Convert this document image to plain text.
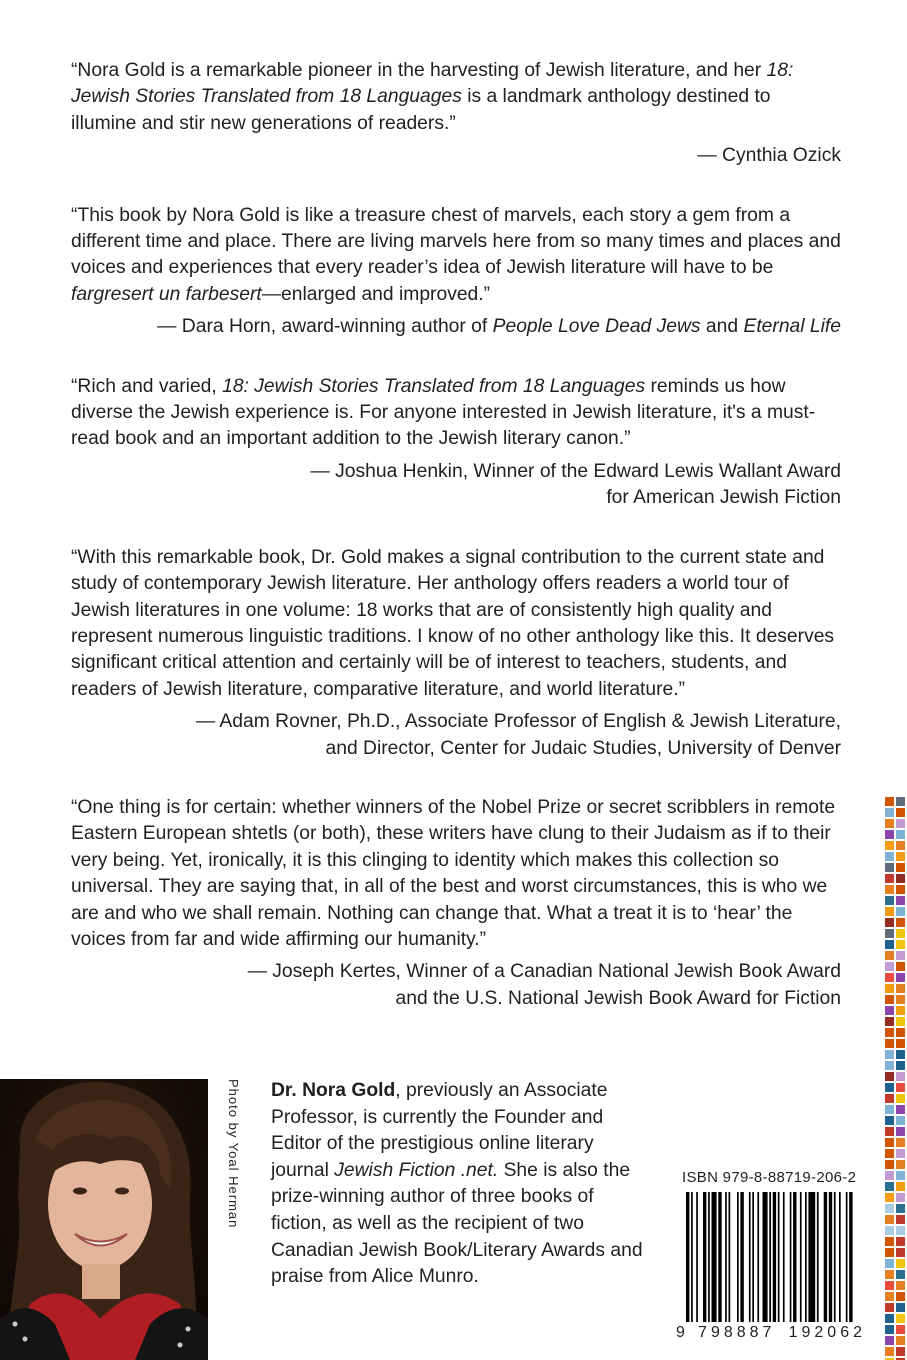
“Nora Gold is a remarkable pioneer in the harvesting of Jewish literature, and her 18: Jewish Stories Translated from 18 Languages is a landmark anthology destined to illumine and stir new generations of readers.”

— Cynthia Ozick

“This book by Nora Gold is like a treasure chest of marvels, each story a gem from a different time and place. There are living marvels here from so many times and places and voices and experiences that every reader’s idea of Jewish literature will have to be fargresert un farbesert—enlarged and improved.”

— Dara Horn, award-winning author of People Love Dead Jews and Eternal Life

“Rich and varied, 18: Jewish Stories Translated from 18 Languages reminds us how diverse the Jewish experience is. For anyone interested in Jewish literature, it's a must-read book and an important addition to the Jewish literary canon.”

— Joshua Henkin, Winner of the Edward Lewis Wallant Award
for American Jewish Fiction

“With this remarkable book, Dr. Gold makes a signal contribution to the current state and study of contemporary Jewish literature. Her anthology offers readers a world tour of Jewish literatures in one volume: 18 works that are of consistently high quality and represent numerous linguistic traditions. I know of no other anthology like this. It deserves significant critical attention and certainly will be of interest to teachers, students, and readers of Jewish literature, comparative literature, and world literature.”

— Adam Rovner, Ph.D., Associate Professor of English & Jewish Literature,
and Director, Center for Judaic Studies, University of Denver

“One thing is for certain: whether winners of the Nobel Prize or secret scribblers in remote Eastern European shtetls (or both), these writers have clung to their Judaism as if to their very being. Yet, ironically, it is this clinging to identity which makes this collection so universal. They are saying that, in all of the best and worst circumstances, this is who we are and who we shall remain. Nothing can change that. What a treat it is to ‘hear’ the voices from far and wide affirming our humanity.”

— Joseph Kertes, Winner of a Canadian National Jewish Book Award
and the U.S. National Jewish Book Award for Fiction

Photo by Yoal Herman Dr. Nora Gold, previously an Associate Professor, is currently the Founder and Editor of the prestigious online literary journal Jewish Fiction .net. She is also the prize-winning author of three books of fiction, as well as the recipient of two Canadian Jewish Book/Literary Awards and praise from Alice Munro.
ISBN 979-8-88719-206-2
9 798887 192062
